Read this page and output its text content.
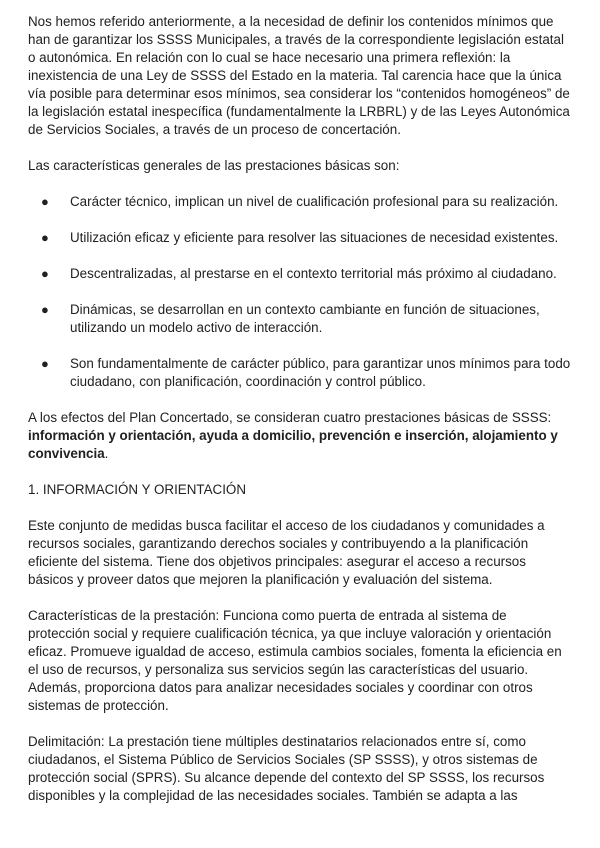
Nos hemos referido anteriormente, a la necesidad de definir los contenidos mínimos que han de garantizar los SSSS Municipales, a través de la correspondiente legislación estatal o autonómica. En relación con lo cual se hace necesario una primera reflexión: la inexistencia de una Ley de SSSS del Estado en la materia. Tal carencia hace que la única vía posible para determinar esos mínimos, sea considerar los “contenidos homogéneos” de la legislación estatal inespecífica (fundamentalmente la LRBRL) y de las Leyes Autonómica de Servicios Sociales, a través de un proceso de concertación.

Las características generales de las prestaciones básicas son:

● Carácter técnico, implican un nivel de cualificación profesional para su realización.
● Utilización eficaz y eficiente para resolver las situaciones de necesidad existentes.
● Descentralizadas, al prestarse en el contexto territorial más próximo al ciudadano.
● Dinámicas, se desarrollan en un contexto cambiante en función de situaciones, utilizando un modelo activo de interacción.
● Son fundamentalmente de carácter público, para garantizar unos mínimos para todo ciudadano, con planificación, coordinación y control público.

A los efectos del Plan Concertado, se consideran cuatro prestaciones básicas de SSSS: información y orientación, ayuda a domicilio, prevención e inserción, alojamiento y convivencia.

1. INFORMACIÓN Y ORIENTACIÓN

Este conjunto de medidas busca facilitar el acceso de los ciudadanos y comunidades a recursos sociales, garantizando derechos sociales y contribuyendo a la planificación eficiente del sistema. Tiene dos objetivos principales: asegurar el acceso a recursos básicos y proveer datos que mejoren la planificación y evaluación del sistema.

Características de la prestación: Funciona como puerta de entrada al sistema de protección social y requiere cualificación técnica, ya que incluye valoración y orientación eficaz. Promueve igualdad de acceso, estimula cambios sociales, fomenta la eficiencia en el uso de recursos, y personaliza sus servicios según las características del usuario. Además, proporciona datos para analizar necesidades sociales y coordinar con otros sistemas de protección.

Delimitación: La prestación tiene múltiples destinatarios relacionados entre sí, como ciudadanos, el Sistema Público de Servicios Sociales (SP SSSS), y otros sistemas de protección social (SPRS). Su alcance depende del contexto del SP SSSS, los recursos disponibles y la complejidad de las necesidades sociales. También se adapta a las
